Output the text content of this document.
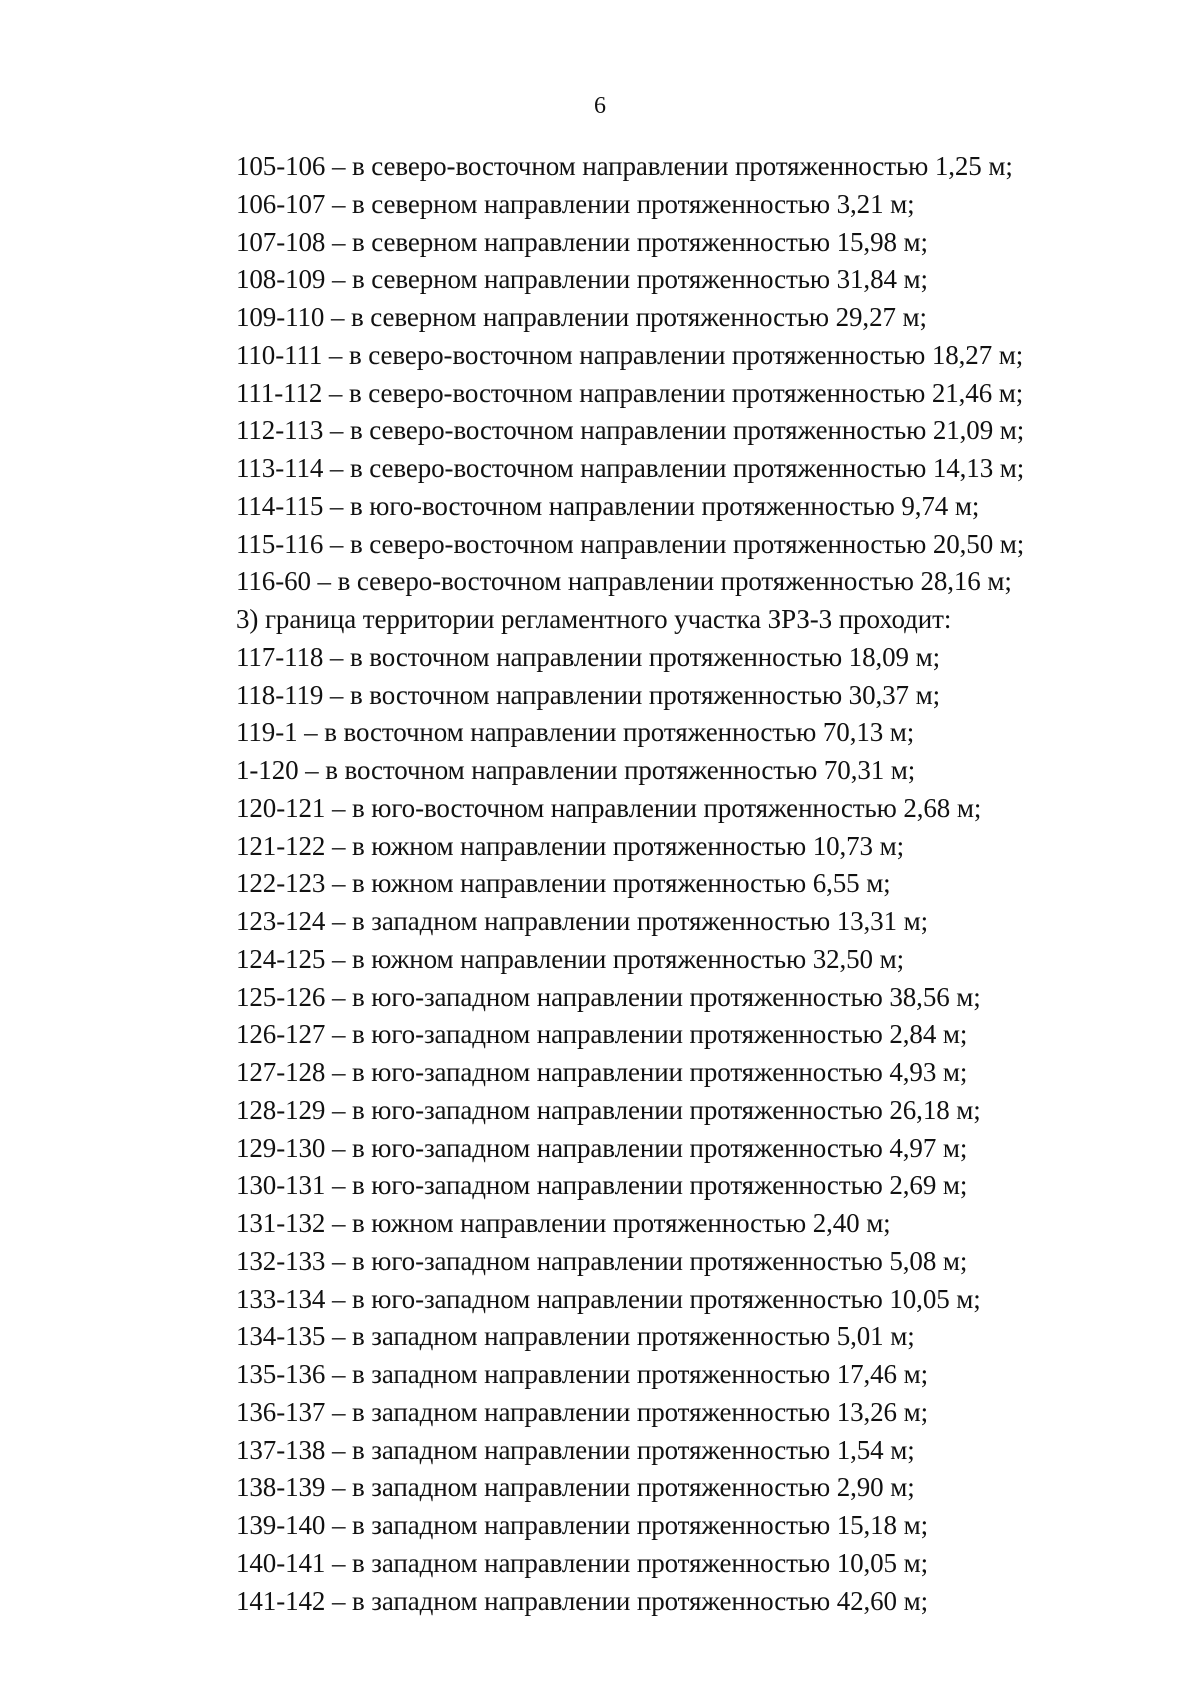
6
105-106 – в северо-восточном направлении протяженностью 1,25 м;
106-107 – в северном направлении протяженностью 3,21 м;
107-108 – в северном направлении протяженностью 15,98 м;
108-109 – в северном направлении протяженностью 31,84 м;
109-110 – в северном направлении протяженностью 29,27 м;
110-111 – в северо-восточном направлении протяженностью 18,27 м;
111-112 – в северо-восточном направлении протяженностью 21,46 м;
112-113 – в северо-восточном направлении протяженностью 21,09 м;
113-114 – в северо-восточном направлении протяженностью 14,13 м;
114-115 – в юго-восточном направлении протяженностью 9,74 м;
115-116 – в северо-восточном направлении протяженностью 20,50 м;
116-60 – в северо-восточном направлении протяженностью 28,16 м;
3) граница территории регламентного участка ЗРЗ-3 проходит:
117-118 – в восточном направлении протяженностью 18,09 м;
118-119 – в восточном направлении протяженностью 30,37 м;
119-1 – в восточном направлении протяженностью 70,13 м;
1-120 – в восточном направлении протяженностью 70,31 м;
120-121 – в юго-восточном направлении протяженностью 2,68 м;
121-122 – в южном направлении протяженностью 10,73 м;
122-123 – в южном направлении протяженностью 6,55 м;
123-124 – в западном направлении протяженностью 13,31 м;
124-125 – в южном направлении протяженностью 32,50 м;
125-126 – в юго-западном направлении протяженностью 38,56 м;
126-127 – в юго-западном направлении протяженностью 2,84 м;
127-128 – в юго-западном направлении протяженностью 4,93 м;
128-129 – в юго-западном направлении протяженностью 26,18 м;
129-130 – в юго-западном направлении протяженностью 4,97 м;
130-131 – в юго-западном направлении протяженностью 2,69 м;
131-132 – в южном направлении протяженностью 2,40 м;
132-133 – в юго-западном направлении протяженностью 5,08 м;
133-134 – в юго-западном направлении протяженностью 10,05 м;
134-135 – в западном направлении протяженностью 5,01 м;
135-136 – в западном направлении протяженностью 17,46 м;
136-137 – в западном направлении протяженностью 13,26 м;
137-138 – в западном направлении протяженностью 1,54 м;
138-139 – в западном направлении протяженностью 2,90 м;
139-140 – в западном направлении протяженностью 15,18 м;
140-141 – в западном направлении протяженностью 10,05 м;
141-142 – в западном направлении протяженностью 42,60 м;
